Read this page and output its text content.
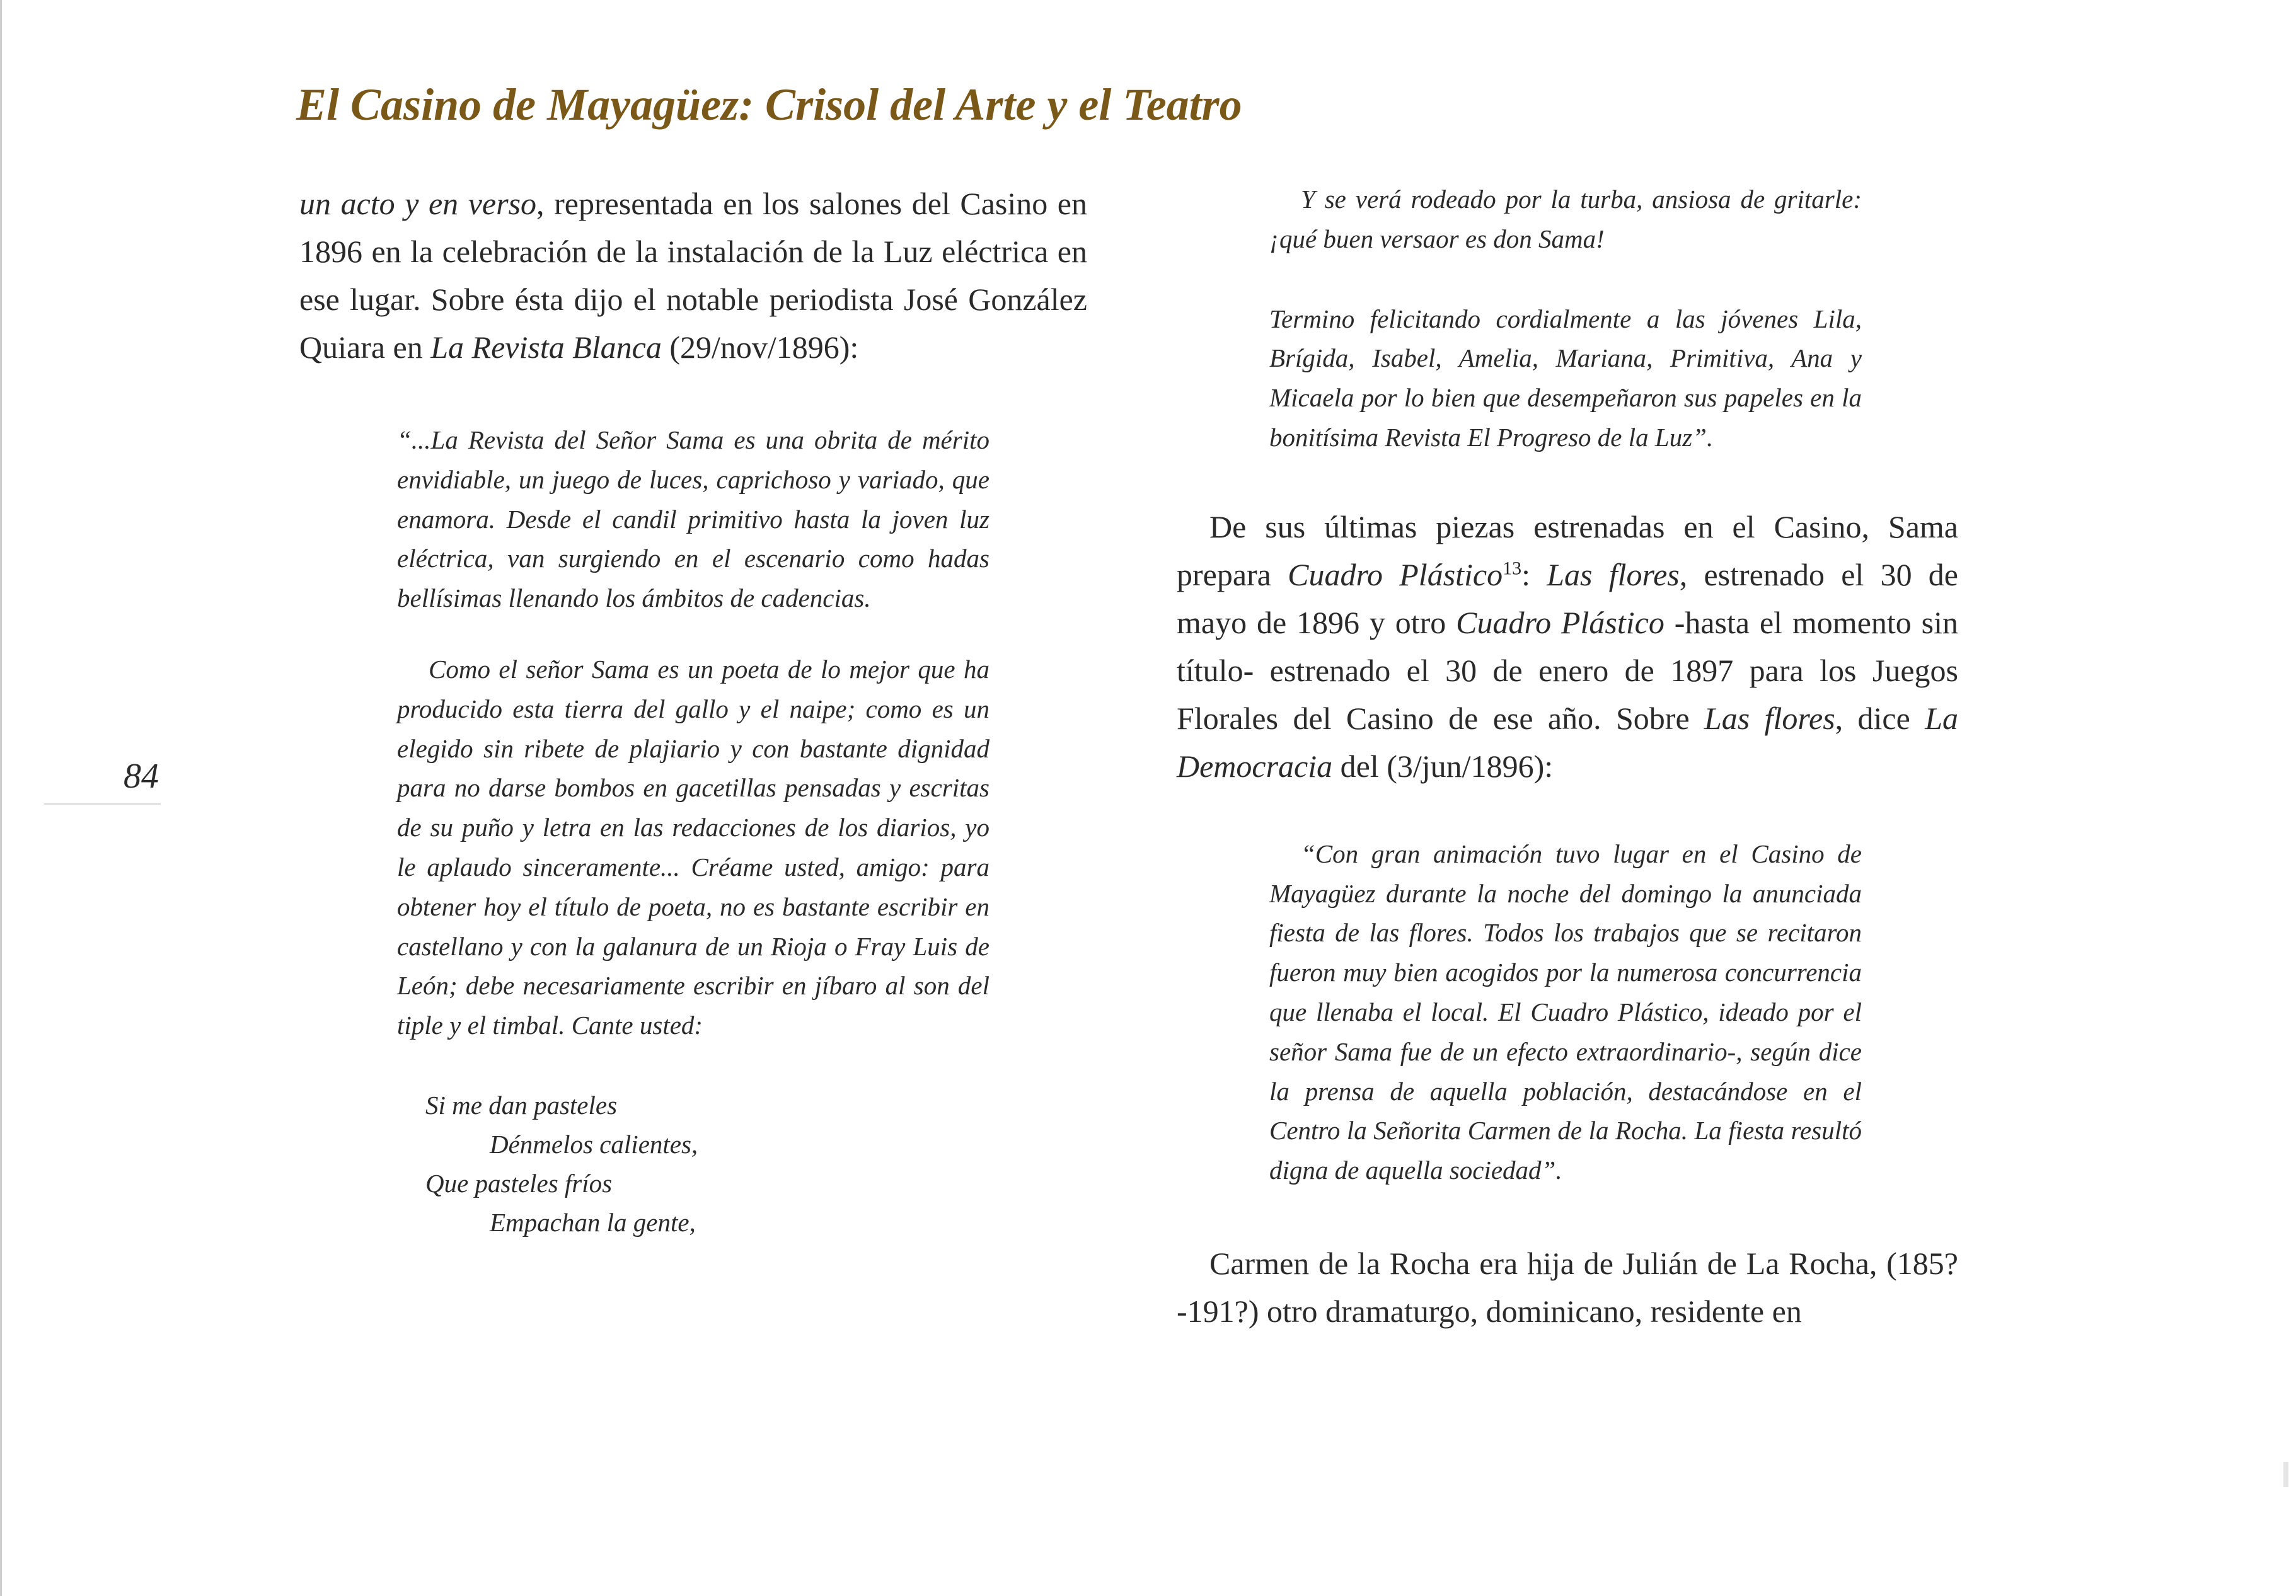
El Casino de Mayagüez: Crisol del Arte y el Teatro

un acto y en verso, representada en los salones del Casino en 1896 en la celebración de la instalación de la Luz eléctrica en ese lugar. Sobre ésta dijo el notable periodista José González Quiara en La Revista Blanca (29/nov/1896):

“...La Revista del Señor Sama es una obrita de mérito envidiable, un juego de luces, caprichoso y variado, que enamora. Desde el candil primitivo hasta la joven luz eléctrica, van surgiendo en el escenario como hadas bellísimas llenando los ámbitos de cadencias.

Como el señor Sama es un poeta de lo mejor que ha producido esta tierra del gallo y el naipe; como es un elegido sin ribete de plajiario y con bastante dignidad para no darse bombos en gacetillas pensadas y escritas de su puño y letra en las redacciones de los diarios, yo le aplaudo sinceramente... Créame usted, amigo: para obtener hoy el título de poeta, no es bastante escribir en castellano y con la galanura de un Rioja o Fray Luis de León; debe necesariamente escribir en jíbaro al son del tiple y el timbal. Cante usted:

Si me dan pasteles
Dénmelos calientes,
Que pasteles fríos
Empachan la gente,

Y se verá rodeado por la turba, ansiosa de gritarle: ¡qué buen versaor es don Sama!

Termino felicitando cordialmente a las jóvenes Lila, Brígida, Isabel, Amelia, Mariana, Primitiva, Ana y Micaela por lo bien que desempeñaron sus papeles en la bonitísima Revista El Progreso de la Luz”.

De sus últimas piezas estrenadas en el Casino, Sama prepara Cuadro Plástico$^{13}$: Las flores, estrenado el 30 de mayo de 1896 y otro Cuadro Plástico -hasta el momento sin título- estrenado el 30 de enero de 1897 para los Juegos Florales del Casino de ese año. Sobre Las flores, dice La Democracia del (3/jun/1896):

“Con gran animación tuvo lugar en el Casino de Mayagüez durante la noche del domingo la anunciada fiesta de las flores. Todos los trabajos que se recitaron fueron muy bien acogidos por la numerosa concurrencia que llenaba el local. El Cuadro Plástico, ideado por el señor Sama fue de un efecto extraordinario-, según dice la prensa de aquella población, destacándose en el Centro la Señorita Carmen de la Rocha. La fiesta resultó digna de aquella sociedad”.

Carmen de la Rocha era hija de Julián de La Rocha, (185?-191?) otro dramaturgo, dominicano, residente en

84
